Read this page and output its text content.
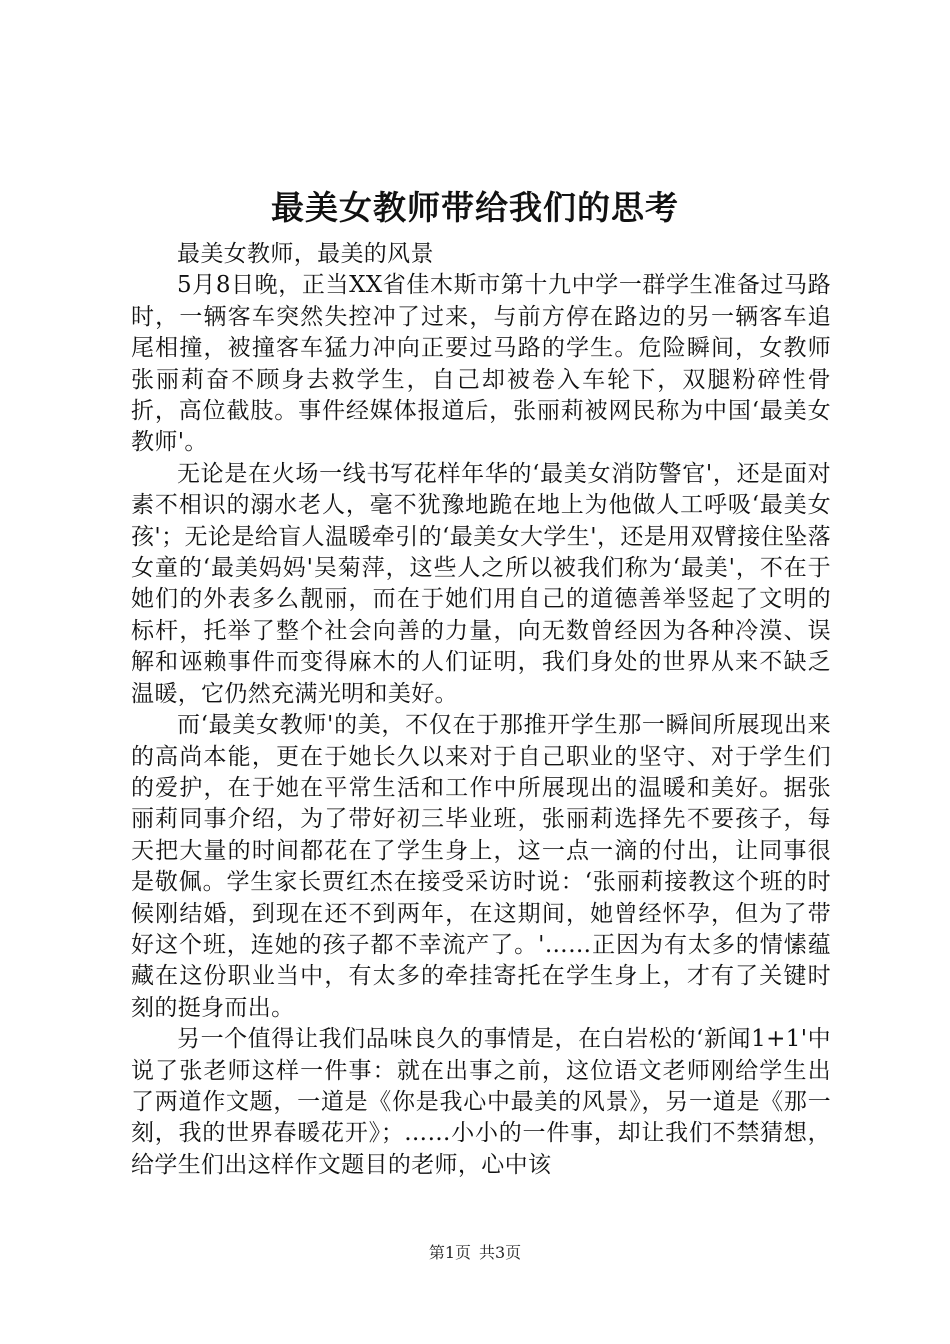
最美女教师带给我们的思考

最美女教师，最美的风景

5月8日晚，正当XX省佳木斯市第十九中学一群学生准备过马路时，一辆客车突然失控冲了过来，与前方停在路边的另一辆客车追尾相撞，被撞客车猛力冲向正要过马路的学生。危险瞬间，女教师张丽莉奋不顾身去救学生，自己却被卷入车轮下，双腿粉碎性骨折，高位截肢。事件经媒体报道后，张丽莉被网民称为中国‘最美女教师'。

无论是在火场一线书写花样年华的‘最美女消防警官'，还是面对素不相识的溺水老人，毫不犹豫地跪在地上为他做人工呼吸‘最美女孩'；无论是给盲人温暖牵引的‘最美女大学生'，还是用双臂接住坠落女童的‘最美妈妈'吴菊萍，这些人之所以被我们称为‘最美'，不在于她们的外表多么靓丽，而在于她们用自己的道德善举竖起了文明的标杆，托举了整个社会向善的力量，向无数曾经因为各种冷漠、误解和诬赖事件而变得麻木的人们证明，我们身处的世界从来不缺乏温暖，它仍然充满光明和美好。

而‘最美女教师'的美，不仅在于那推开学生那一瞬间所展现出来的高尚本能，更在于她长久以来对于自己职业的坚守、对于学生们的爱护，在于她在平常生活和工作中所展现出的温暖和美好。据张丽莉同事介绍，为了带好初三毕业班，张丽莉选择先不要孩子，每天把大量的时间都花在了学生身上，这一点一滴的付出，让同事很是敬佩。学生家长贾红杰在接受采访时说：‘张丽莉接教这个班的时候刚结婚，到现在还不到两年，在这期间，她曾经怀孕，但为了带好这个班，连她的孩子都不幸流产了。'……正因为有太多的情愫蕴藏在这份职业当中，有太多的牵挂寄托在学生身上，才有了关键时刻的挺身而出。

另一个值得让我们品味良久的事情是，在白岩松的‘新闻1+1'中说了张老师这样一件事：就在出事之前，这位语文老师刚给学生出了两道作文题，一道是《你是我心中最美的风景》，另一道是《那一刻，我的世界春暖花开》；……小小的一件事，却让我们不禁猜想，给学生们出这样作文题目的老师，心中该

第1页 共3页
